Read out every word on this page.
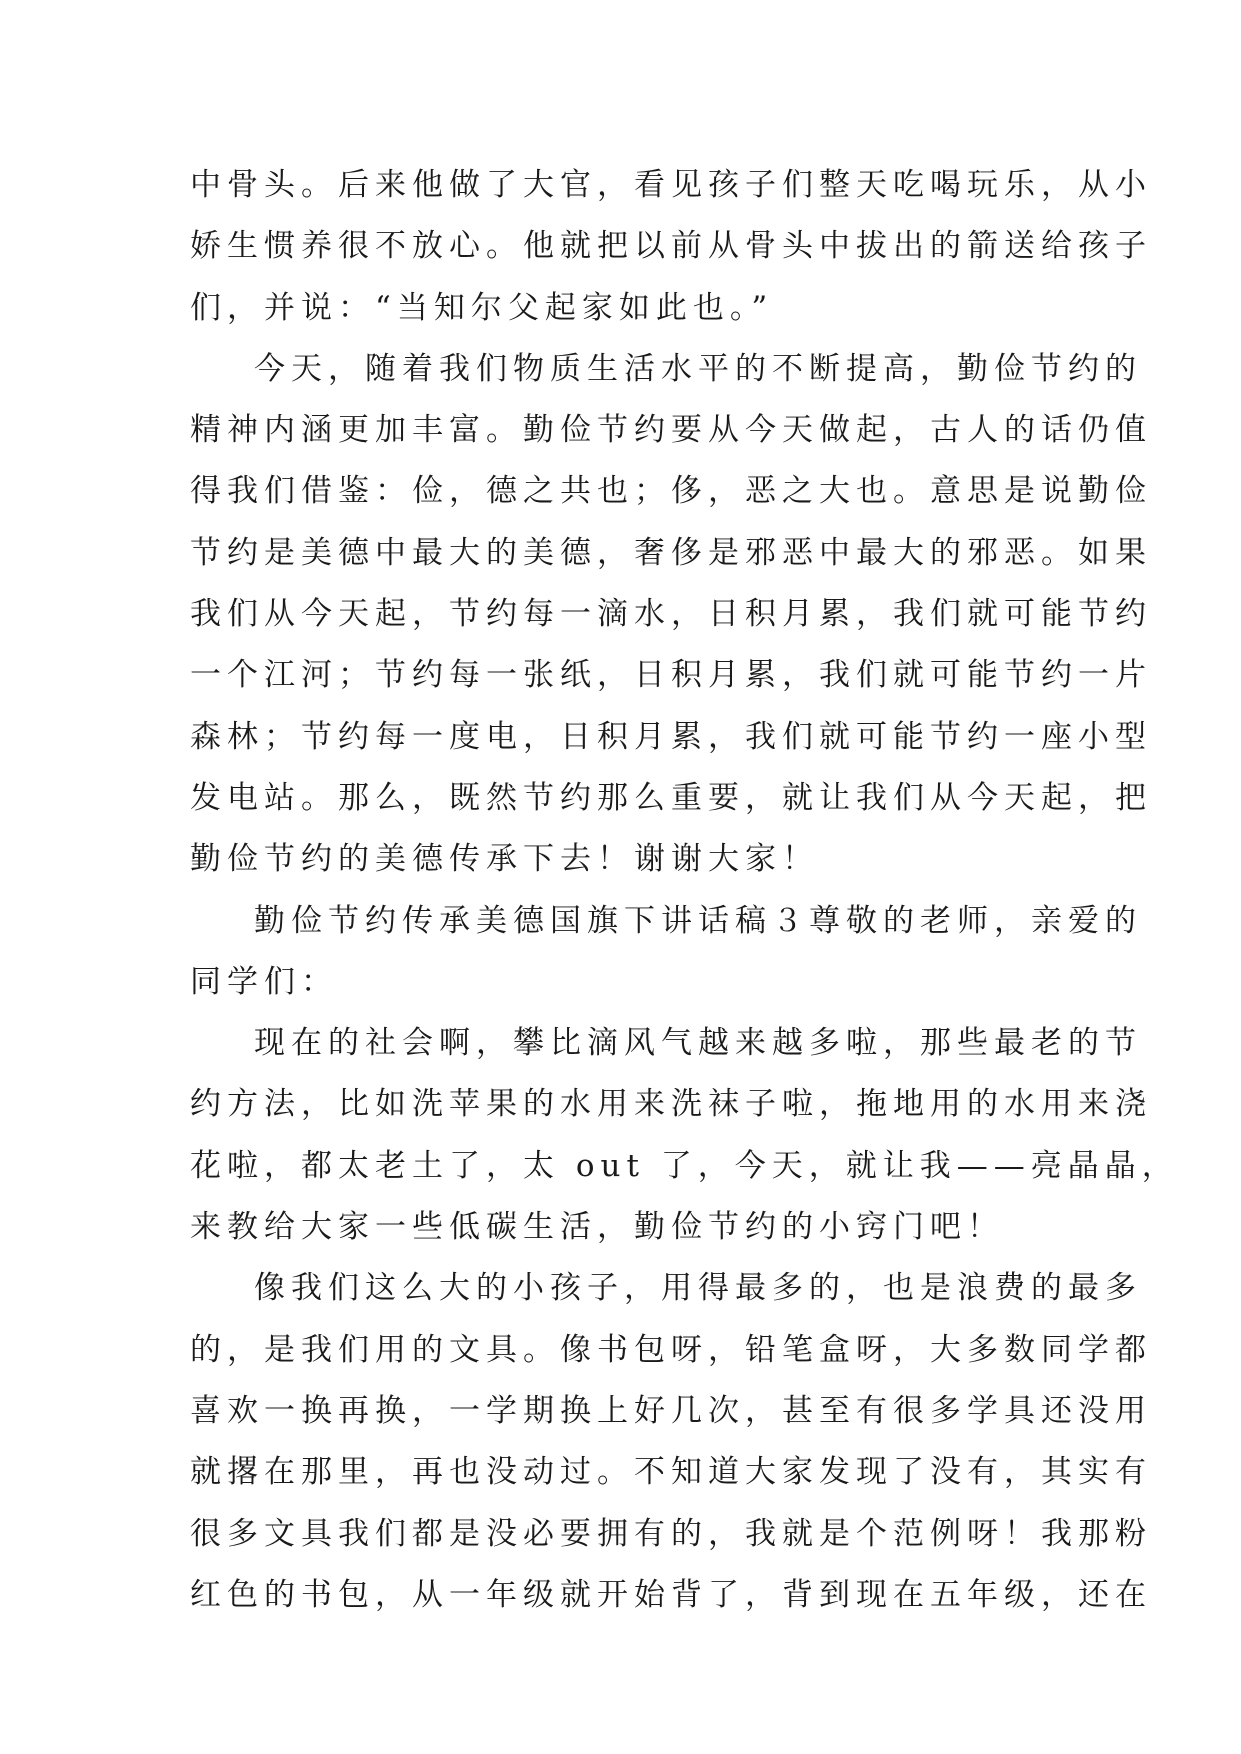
中骨头。后来他做了大官，看见孩子们整天吃喝玩乐，从小
娇生惯养很不放心。他就把以前从骨头中拔出的箭送给孩子
们，并说：“当知尔父起家如此也。”
今天，随着我们物质生活水平的不断提高，勤俭节约的
精神内涵更加丰富。勤俭节约要从今天做起，古人的话仍值
得我们借鉴：俭，德之共也；侈，恶之大也。意思是说勤俭
节约是美德中最大的美德，奢侈是邪恶中最大的邪恶。如果
我们从今天起，节约每一滴水，日积月累，我们就可能节约
一个江河；节约每一张纸，日积月累，我们就可能节约一片
森林；节约每一度电，日积月累，我们就可能节约一座小型
发电站。那么，既然节约那么重要，就让我们从今天起，把
勤俭节约的美德传承下去！谢谢大家！
勤俭节约传承美德国旗下讲话稿３尊敬的老师，亲爱的
同学们：
现在的社会啊，攀比滴风气越来越多啦，那些最老的节
约方法，比如洗苹果的水用来洗袜子啦，拖地用的水用来浇
花啦，都太老土了，太 out 了，今天，就让我——亮晶晶，
来教给大家一些低碳生活，勤俭节约的小窍门吧！
像我们这么大的小孩子，用得最多的，也是浪费的最多
的，是我们用的文具。像书包呀，铅笔盒呀，大多数同学都
喜欢一换再换，一学期换上好几次，甚至有很多学具还没用
就撂在那里，再也没动过。不知道大家发现了没有，其实有
很多文具我们都是没必要拥有的，我就是个范例呀！我那粉
红色的书包，从一年级就开始背了，背到现在五年级，还在
